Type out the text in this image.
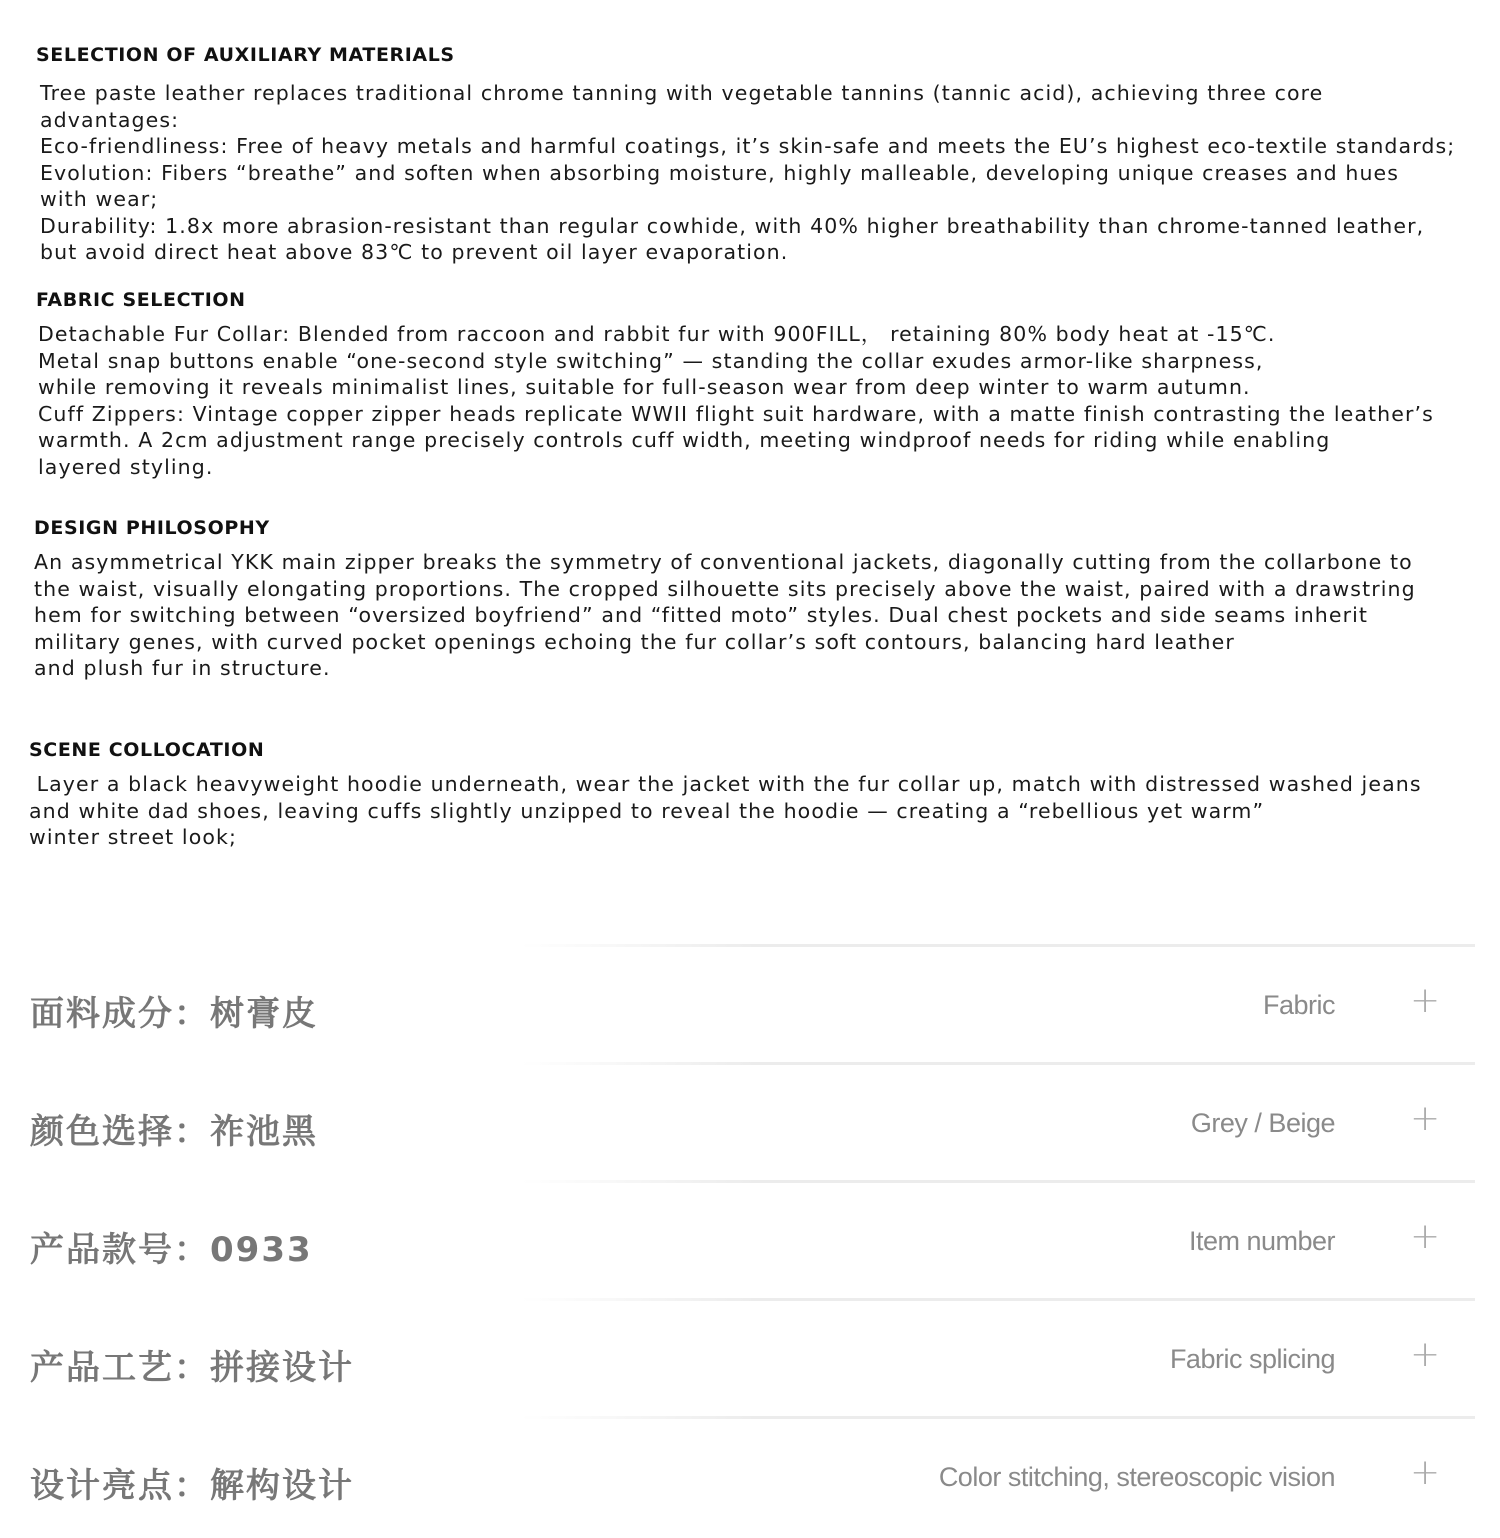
SELECTION OF AUXILIARY MATERIALS
Tree paste leather replaces traditional chrome tanning with vegetable tannins (tannic acid), achieving three core
advantages:
Eco-friendliness: Free of heavy metals and harmful coatings, it’s skin-safe and meets the EU’s highest eco-textile standards;
Evolution: Fibers “breathe” and soften when absorbing moisture, highly malleable, developing unique creases and hues
with wear;
Durability: 1.8x more abrasion-resistant than regular cowhide, with 40% higher breathability than chrome-tanned leather,
but avoid direct heat above 83℃ to prevent oil layer evaporation.
FABRIC SELECTION
Detachable Fur Collar: Blended from raccoon and rabbit fur with 900FILL， retaining 80% body heat at -15℃.
Metal snap buttons enable “one-second style switching” — standing the collar exudes armor-like sharpness,
while removing it reveals minimalist lines, suitable for full-season wear from deep winter to warm autumn.
Cuff Zippers: Vintage copper zipper heads replicate WWII flight suit hardware, with a matte finish contrasting the leather’s
warmth. A 2cm adjustment range precisely controls cuff width, meeting windproof needs for riding while enabling
layered styling.
DESIGN PHILOSOPHY
An asymmetrical YKK main zipper breaks the symmetry of conventional jackets, diagonally cutting from the collarbone to
the waist, visually elongating proportions. The cropped silhouette sits precisely above the waist, paired with a drawstring
hem for switching between “oversized boyfriend” and “fitted moto” styles. Dual chest pockets and side seams inherit
military genes, with curved pocket openings echoing the fur collar’s soft contours, balancing hard leather
and plush fur in structure.
SCENE COLLOCATION
Layer a black heavyweight hoodie underneath, wear the jacket with the fur collar up, match with distressed washed jeans
and white dad shoes, leaving cuffs slightly unzipped to reveal the hoodie — creating a “rebellious yet warm”
winter street look;
面料成分：树膏皮	Fabric +
颜色选择：祚池黑	Grey / Beige +
产品款号：0933	Item number +
产品工艺：拼接设计	Fabric splicing +
设计亮点：解构设计	Color stitching, stereoscopic vision +
